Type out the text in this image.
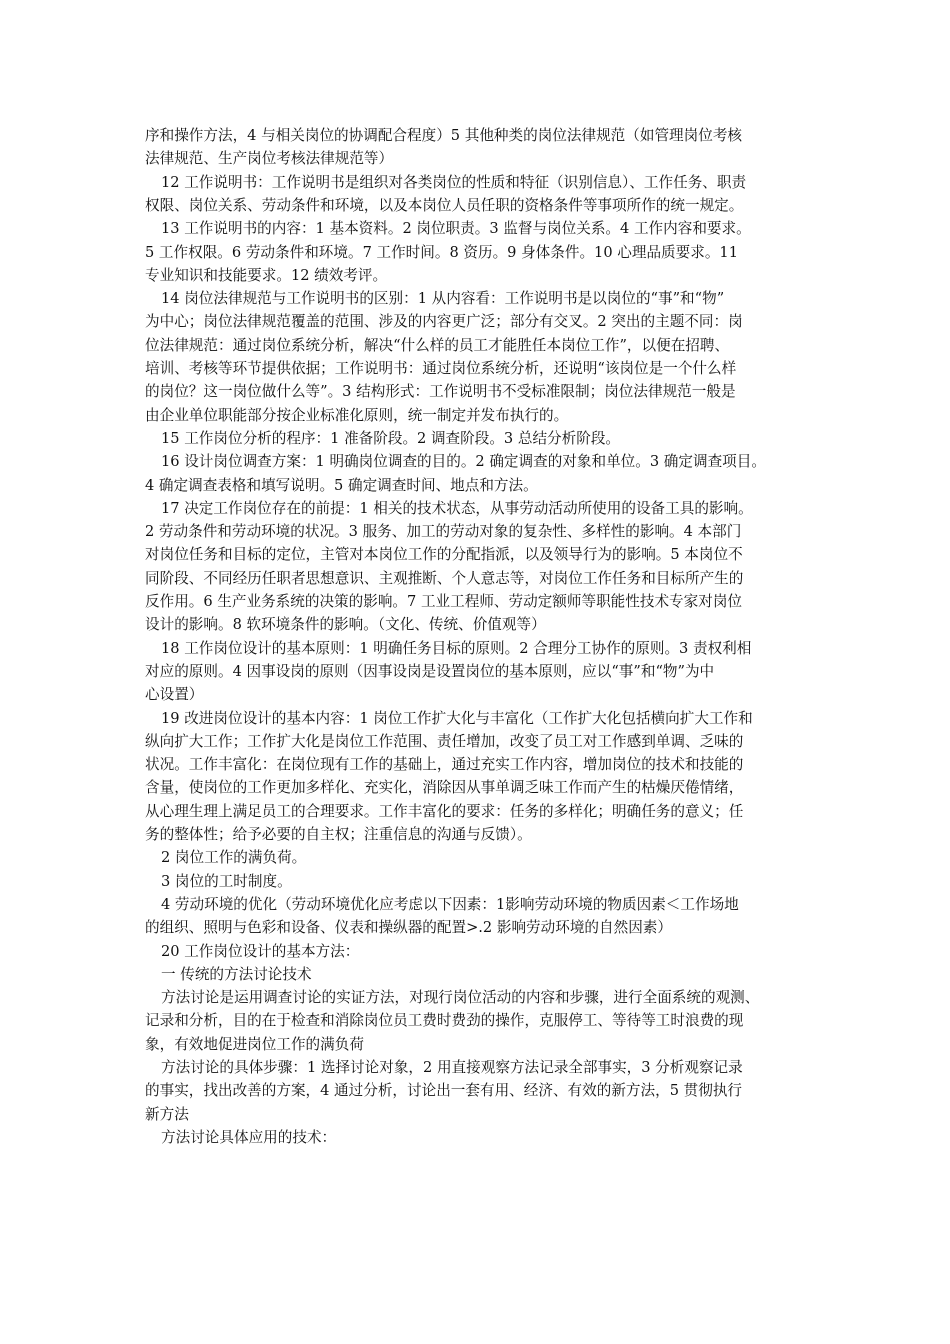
序和操作方法，4 与相关岗位的协调配合程度）5 其他种类的岗位法律规范（如管理岗位考核
法律规范、生产岗位考核法律规范等）
12 工作说明书：工作说明书是组织对各类岗位的性质和特征（识别信息）、工作任务、职责
权限、岗位关系、劳动条件和环境，以及本岗位人员任职的资格条件等事项所作的统一规定。
13 工作说明书的内容：1 基本资料。2 岗位职责。3 监督与岗位关系。4 工作内容和要求。
5 工作权限。6 劳动条件和环境。7 工作时间。8 资历。9 身体条件。10 心理品质要求。11
专业知识和技能要求。12 绩效考评。
14 岗位法律规范与工作说明书的区别：1 从内容看：工作说明书是以岗位的“事”和“物”
为中心；岗位法律规范覆盖的范围、涉及的内容更广泛；部分有交叉。2 突出的主题不同：岗
位法律规范：通过岗位系统分析，解决“什么样的员工才能胜任本岗位工作”，以便在招聘、
培训、考核等环节提供依据；工作说明书：通过岗位系统分析，还说明“该岗位是一个什么样
的岗位？这一岗位做什么等”。3 结构形式：工作说明书不受标准限制；岗位法律规范一般是
由企业单位职能部分按企业标准化原则，统一制定并发布执行的。
15 工作岗位分析的程序：1 准备阶段。2 调查阶段。3 总结分析阶段。
16 设计岗位调查方案：1 明确岗位调查的目的。2 确定调查的对象和单位。3 确定调查项目。
4 确定调查表格和填写说明。5 确定调查时间、地点和方法。
17 决定工作岗位存在的前提：1 相关的技术状态，从事劳动活动所使用的设备工具的影响。
2 劳动条件和劳动环境的状况。3 服务、加工的劳动对象的复杂性、多样性的影响。4 本部门
对岗位任务和目标的定位，主管对本岗位工作的分配指派，以及领导行为的影响。5 本岗位不
同阶段、不同经历任职者思想意识、主观推断、个人意志等，对岗位工作任务和目标所产生的
反作用。6 生产业务系统的决策的影响。7 工业工程师、劳动定额师等职能性技术专家对岗位
设计的影响。8 软环境条件的影响。（文化、传统、价值观等）
18 工作岗位设计的基本原则：1 明确任务目标的原则。2 合理分工协作的原则。3 责权利相
对应的原则。4 因事设岗的原则（因事设岗是设置岗位的基本原则，应以“事”和“物”为中
心设置）
19 改进岗位设计的基本内容：1 岗位工作扩大化与丰富化（工作扩大化包括横向扩大工作和
纵向扩大工作；工作扩大化是岗位工作范围、责任增加，改变了员工对工作感到单调、乏味的
状况。工作丰富化：在岗位现有工作的基础上，通过充实工作内容，增加岗位的技术和技能的
含量，使岗位的工作更加多样化、充实化，消除因从事单调乏味工作而产生的枯燥厌倦情绪，
从心理生理上满足员工的合理要求。工作丰富化的要求：任务的多样化；明确任务的意义；任
务的整体性；给予必要的自主权；注重信息的沟通与反馈）。
2 岗位工作的满负荷。
3 岗位的工时制度。
4 劳动环境的优化（劳动环境优化应考虑以下因素：1影响劳动环境的物质因素＜工作场地
的组织、照明与色彩和设备、仪表和操纵器的配置>.2 影响劳动环境的自然因素）
20 工作岗位设计的基本方法：
一 传统的方法讨论技术
方法讨论是运用调查讨论的实证方法，对现行岗位活动的内容和步骤，进行全面系统的观测、
记录和分析，目的在于检查和消除岗位员工费时费劲的操作，克服停工、等待等工时浪费的现
象，有效地促进岗位工作的满负荷
方法讨论的具体步骤：1 选择讨论对象，2 用直接观察方法记录全部事实，3 分析观察记录
的事实，找出改善的方案，4 通过分析，讨论出一套有用、经济、有效的新方法，5 贯彻执行
新方法
方法讨论具体应用的技术：
